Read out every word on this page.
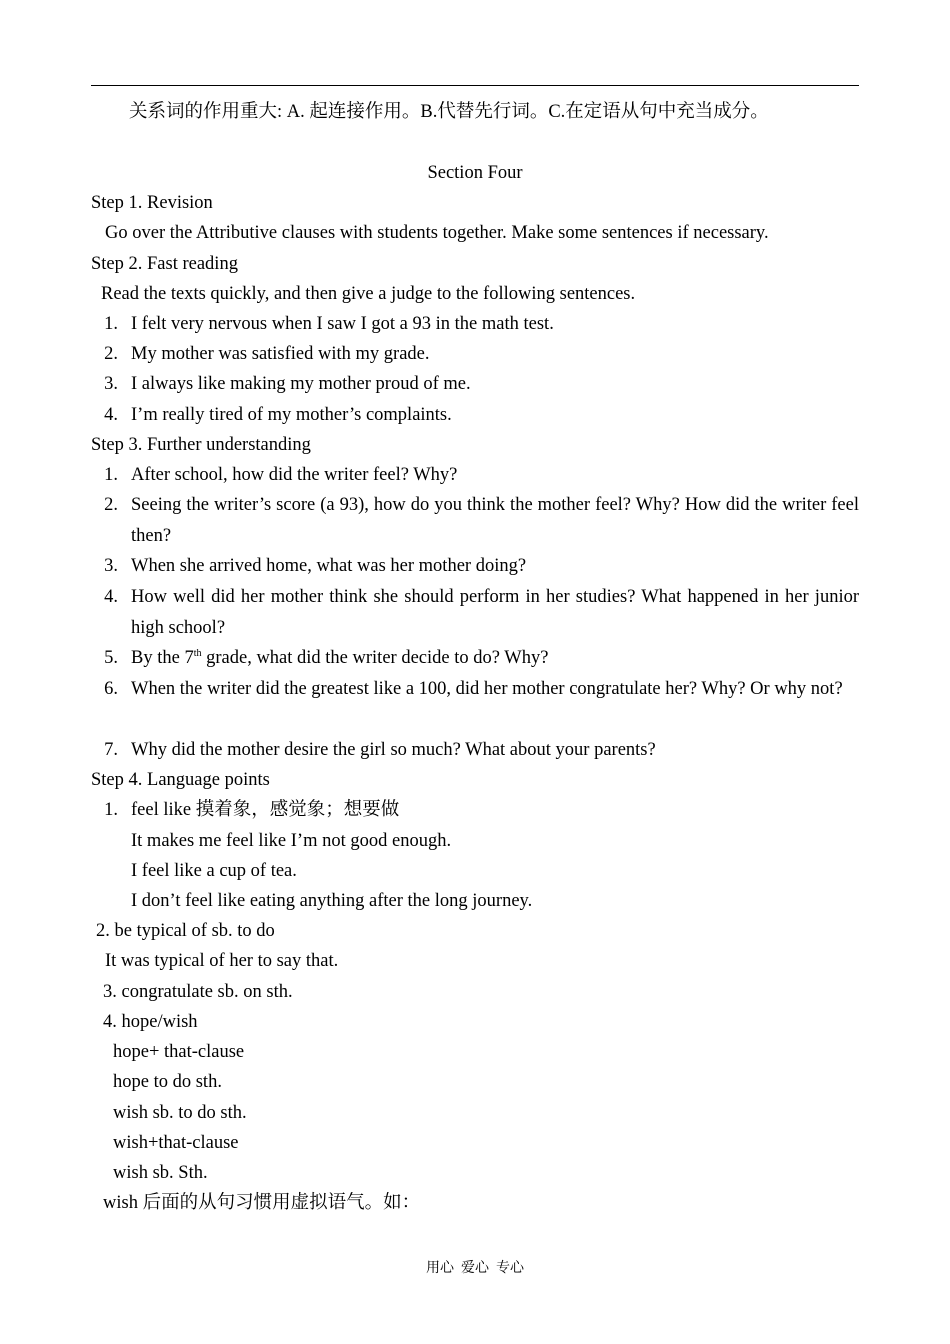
关系词的作用重大: A. 起连接作用。B.代替先行词。C.在定语从句中充当成分。
Section Four
Step 1. Revision
Go over the Attributive clauses with students together. Make some sentences if necessary.
Step 2. Fast reading
Read the texts quickly, and then give a judge to the following sentences.
1. I felt very nervous when I saw I got a 93 in the math test.
2. My mother was satisfied with my grade.
3. I always like making my mother proud of me.
4. I’m really tired of my mother’s complaints.
Step 3. Further understanding
1. After school, how did the writer feel? Why?
2. Seeing the writer’s score (a 93), how do you think the mother feel? Why? How did the writer feel then?
3. When she arrived home, what was her mother doing?
4. How well did her mother think she should perform in her studies? What happened in her junior high school?
5. By the 7th grade, what did the writer decide to do? Why?
6. When the writer did the greatest like a 100, did her mother congratulate her? Why? Or why not?
7. Why did the mother desire the girl so much? What about your parents?
Step 4. Language points
1. feel like 摸着象，感觉象；想要做
It makes me feel like I’m not good enough.
I feel like a cup of tea.
I don’t feel like eating anything after the long journey.
2. be typical of sb. to do
It was typical of her to say that.
3. congratulate sb. on sth.
4. hope/wish
hope+ that-clause
hope to do sth.
wish sb. to do sth.
wish+that-clause
wish sb. Sth.
wish 后面的从句习惯用虚拟语气。如：
用心  爱心  专心
